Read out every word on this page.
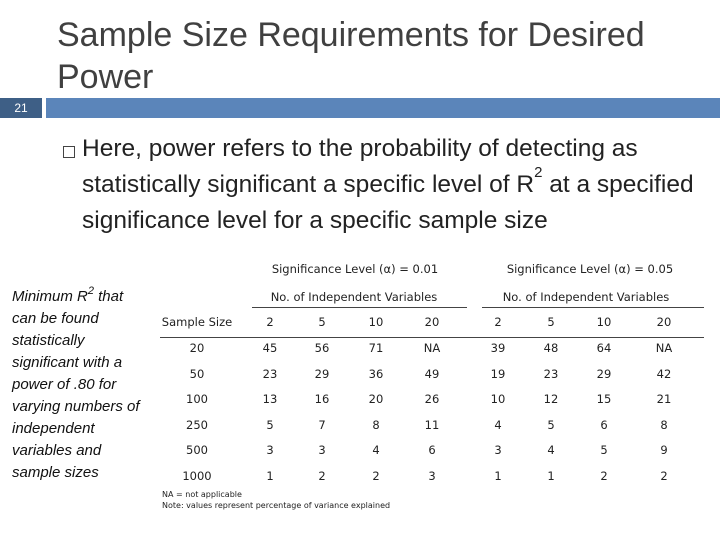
Sample Size Requirements for Desired Power
21

Here, power refers to the probability of detecting as statistically significant a specific level of $R^2$ at a specified significance level for a specific sample size

Minimum $R^2$ that can be found statistically significant with a power of .80 for varying numbers of independent variables and sample sizes

Significance Level (α) = 0.01	Significance Level (α) = 0.05
No. of Independent Variables	No. of Independent Variables
Sample Size	2	5	10	20	2	5	10	20
20	45	56	71	NA	39	48	64	NA
50	23	29	36	49	19	23	29	42
100	13	16	20	26	10	12	15	21
250	5	7	8	11	4	5	6	8
500	3	3	4	6	3	4	5	9
1000	1	2	2	3	1	1	2	2
NA = not applicable
Note: values represent percentage of variance explained
